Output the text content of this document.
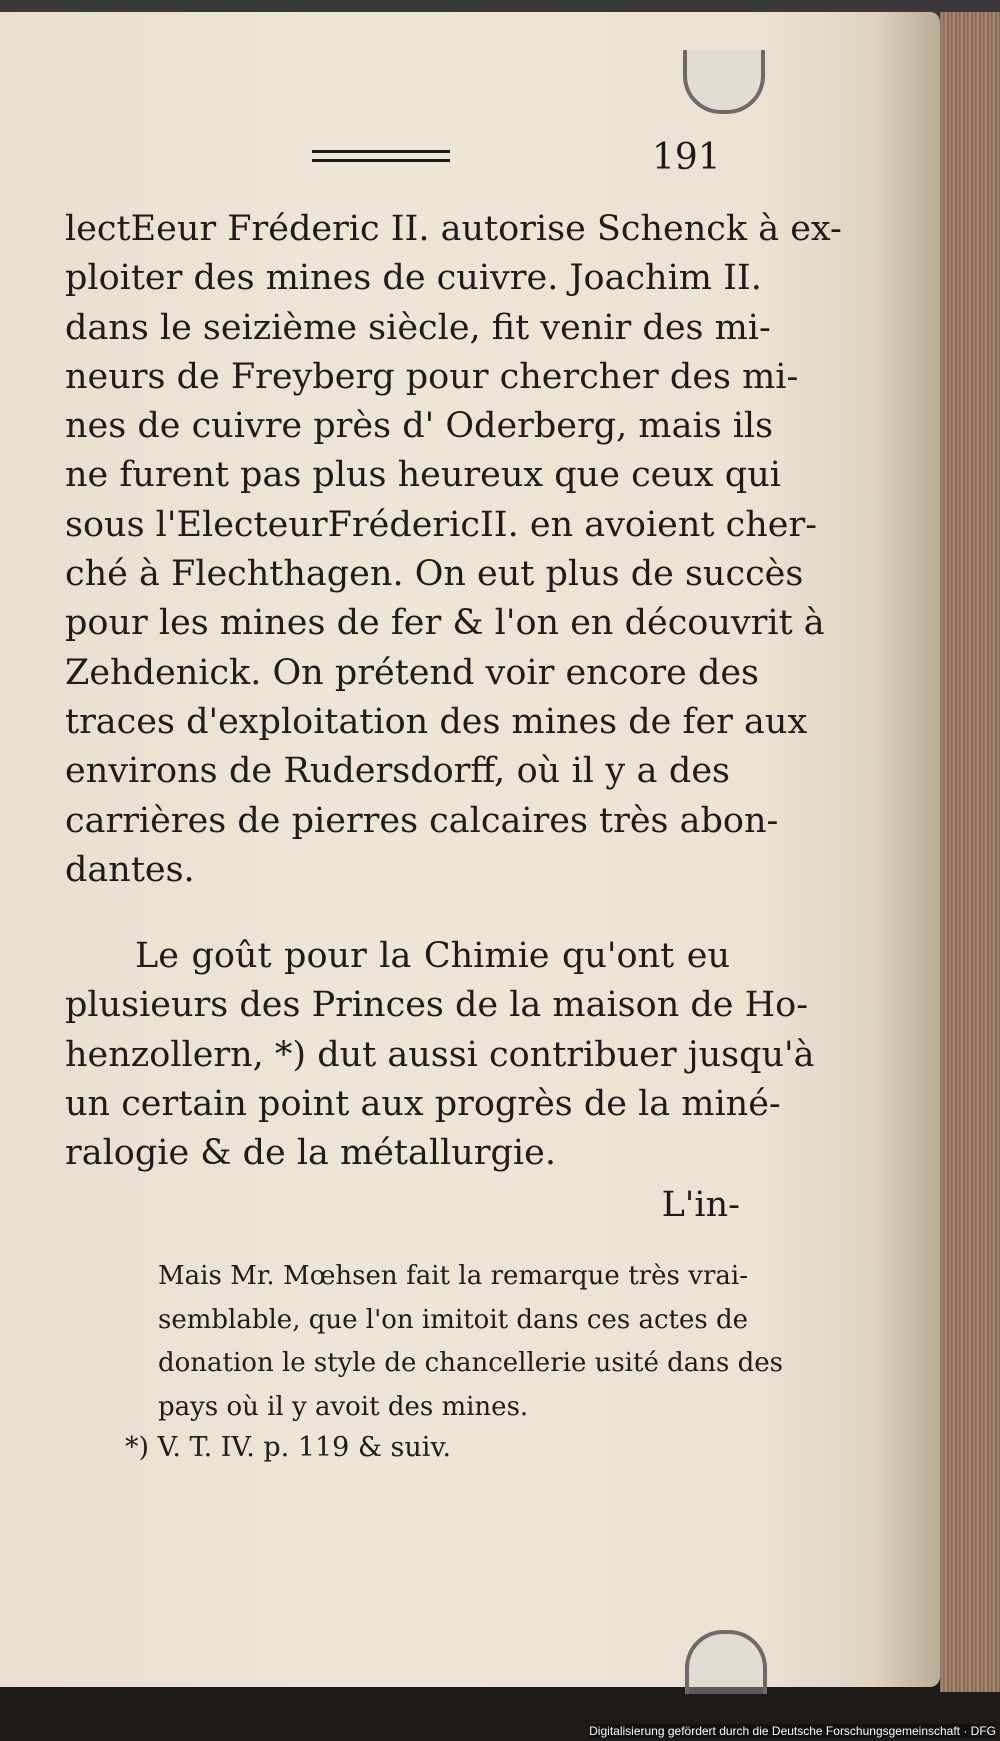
191
lectEeur Fréderic II. autorise Schenck à ex-
ploiter des mines de cuivre. Joachim II.
dans le seizième siècle, fit venir des mi-
neurs de Freyberg pour chercher des mi-
nes de cuivre près d' Oderberg, mais ils
ne furent pas plus heureux que ceux qui
sous l'ElecteurFrédericII. en avoient cher-
ché à Flechthagen. On eut plus de succès
pour les mines de fer & l'on en découvrit à
Zehdenick. On prétend voir encore des
traces d'exploitation des mines de fer aux
environs de Rudersdorff, où il y a des
carrières de pierres calcaires très abon-
dantes.
Le goût pour la Chimie qu'ont eu
plusieurs des Princes de la maison de Ho-
henzollern, *) dut aussi contribuer jusqu'à
un certain point aux progrès de la miné-
ralogie & de la métallurgie.
L'in-
Mais Mr. Mœhsen fait la remarque très vrai-
semblable, que l'on imitoit dans ces actes de
donation le style de chancellerie usité dans des
pays où il y avoit des mines.
*) V. T. IV. p. 119 & suiv.
Digitalisierung gefördert durch die Deutsche Forschungsgemeinschaft · DFG
